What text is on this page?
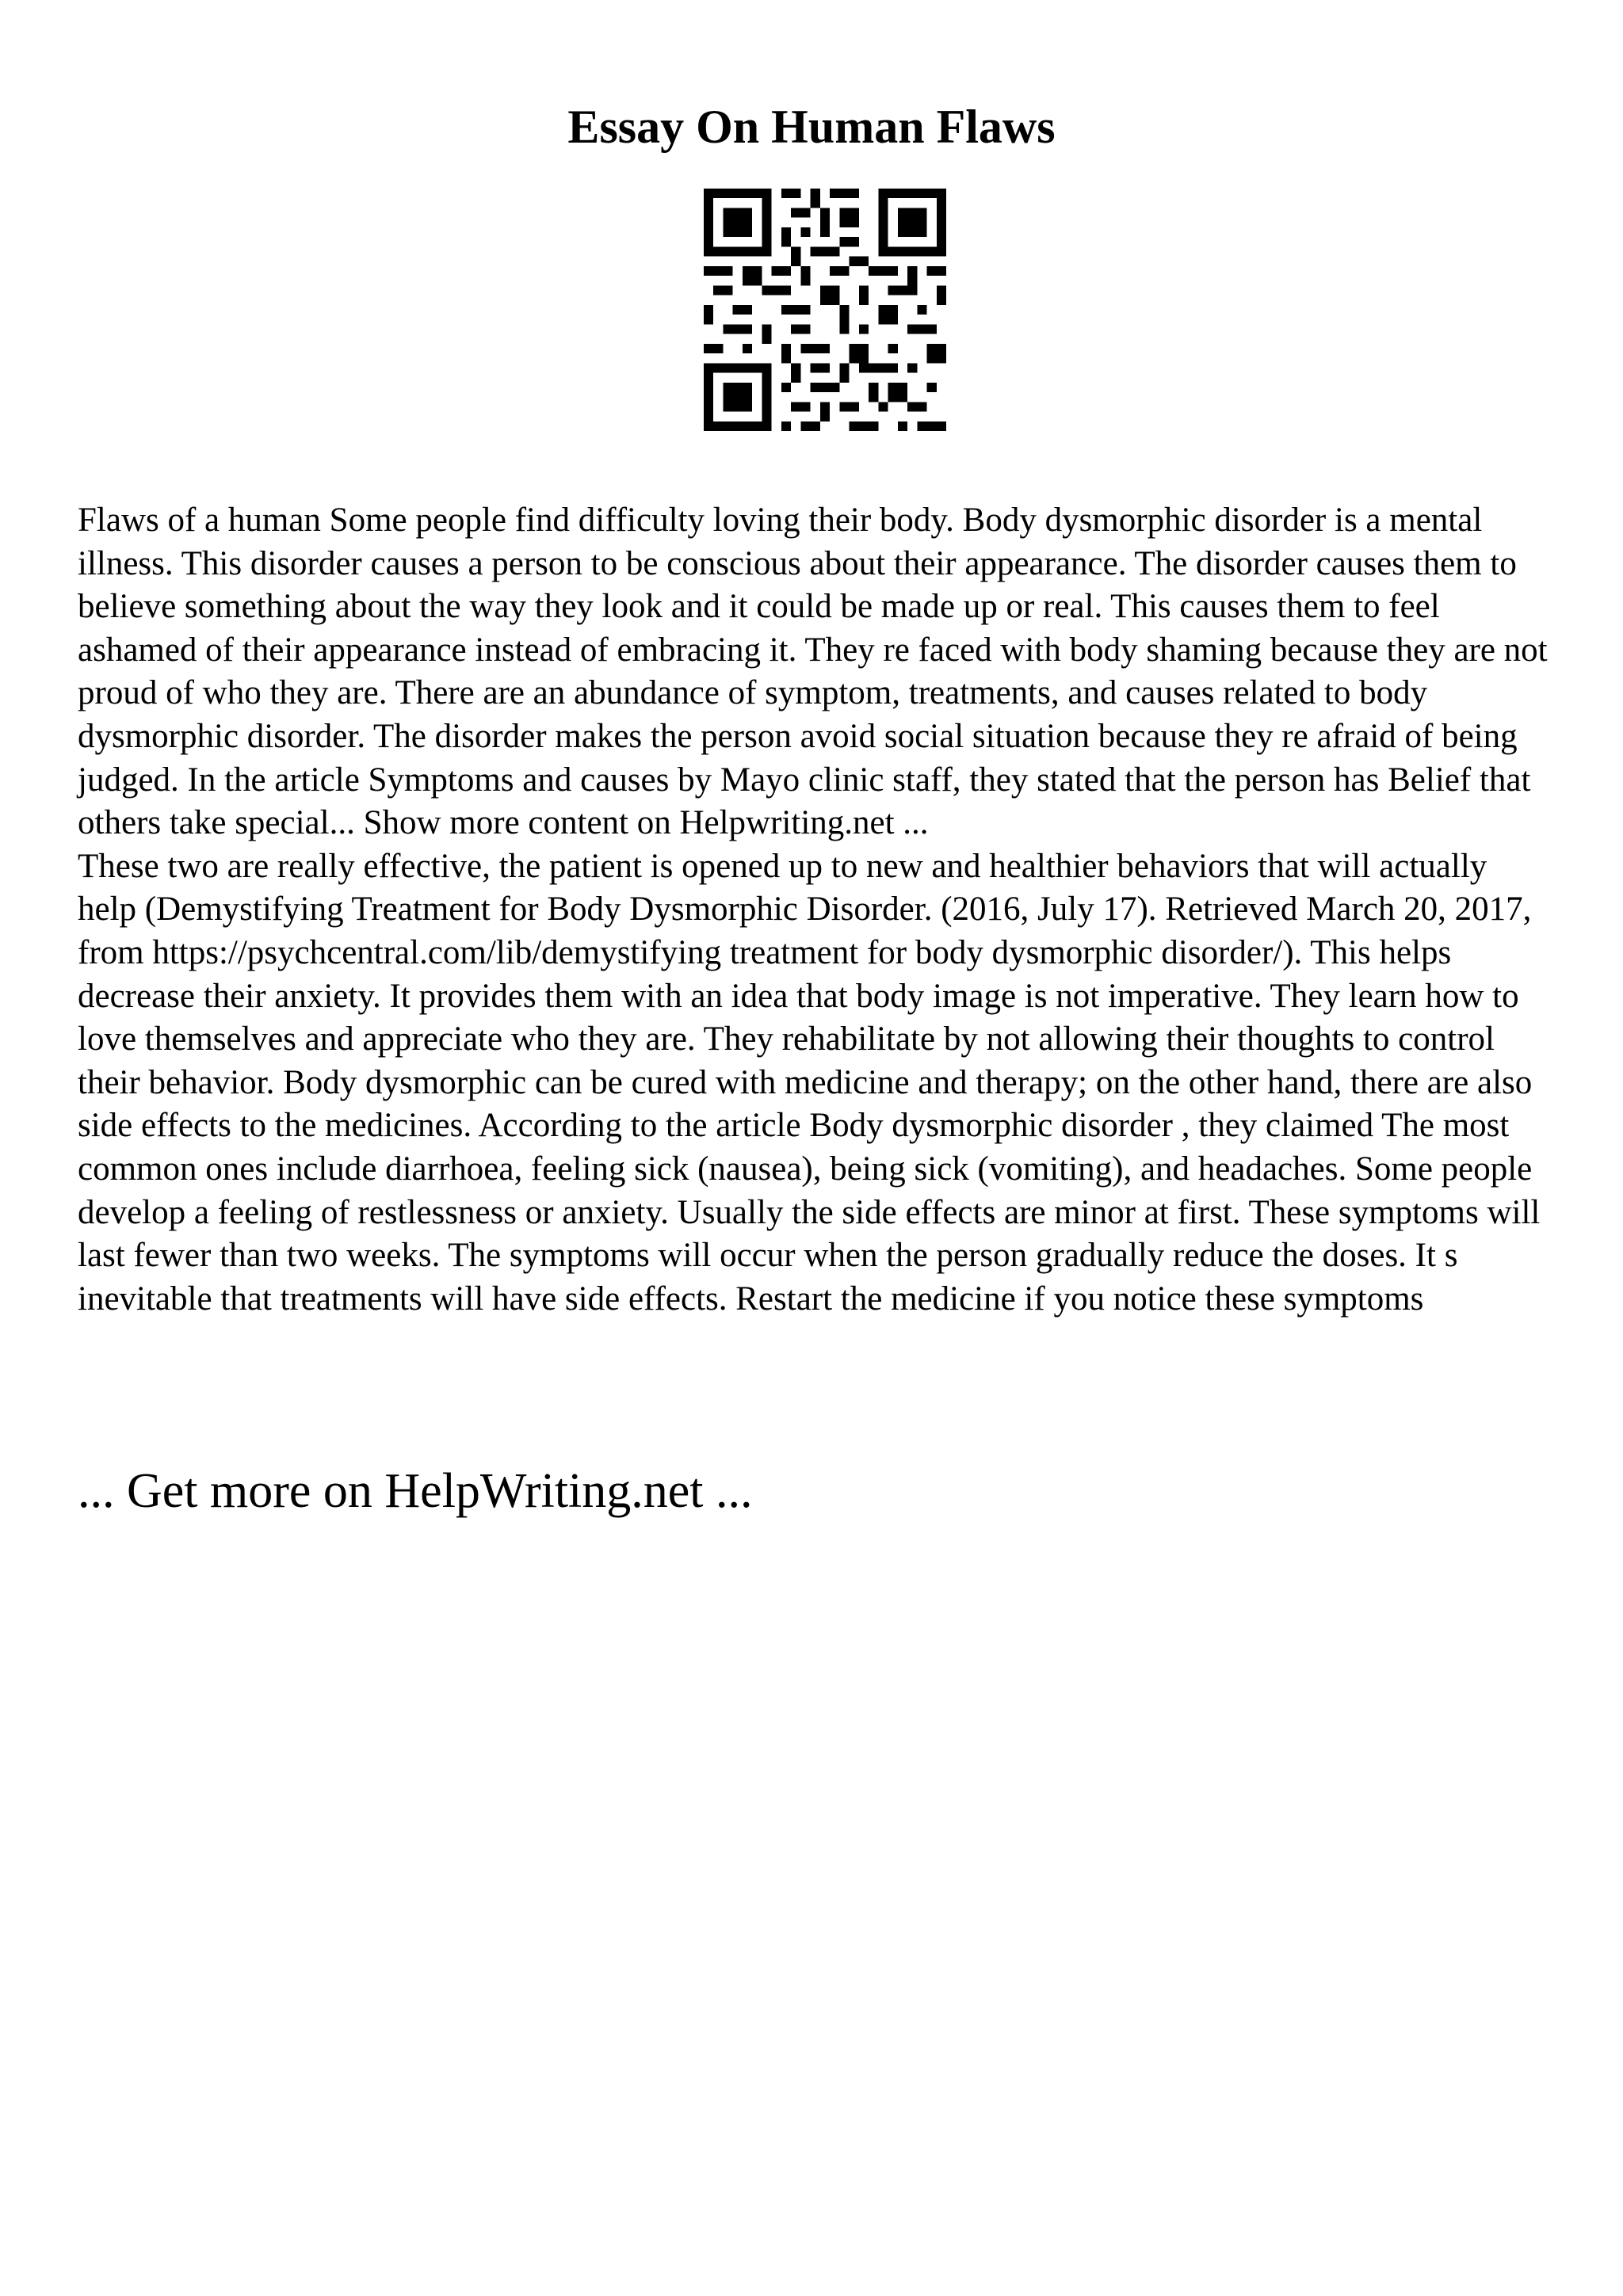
Essay On Human Flaws

Flaws of a human Some people find difficulty loving their body. Body dysmorphic disorder is a mental illness. This disorder causes a person to be conscious about their appearance. The disorder causes them to believe something about the way they look and it could be made up or real. This causes them to feel ashamed of their appearance instead of embracing it. They re faced with body shaming because they are not proud of who they are. There are an abundance of symptom, treatments, and causes related to body dysmorphic disorder. The disorder makes the person avoid social situation because they re afraid of being judged. In the article Symptoms and causes by Mayo clinic staff, they stated that the person has Belief that others take special... Show more content on Helpwriting.net ...

These two are really effective, the patient is opened up to new and healthier behaviors that will actually help (Demystifying Treatment for Body Dysmorphic Disorder. (2016, July 17). Retrieved March 20, 2017, from https://psychcentral.com/lib/demystifying treatment for body dysmorphic disorder/). This helps decrease their anxiety. It provides them with an idea that body image is not imperative. They learn how to love themselves and appreciate who they are. They rehabilitate by not allowing their thoughts to control their behavior. Body dysmorphic can be cured with medicine and therapy; on the other hand, there are also side effects to the medicines. According to the article Body dysmorphic disorder , they claimed The most common ones include diarrhoea, feeling sick (nausea), being sick (vomiting), and headaches. Some people develop a feeling of restlessness or anxiety. Usually the side effects are minor at first. These symptoms will last fewer than two weeks. The symptoms will occur when the person gradually reduce the doses. It s inevitable that treatments will have side effects. Restart the medicine if you notice these symptoms

... Get more on HelpWriting.net ...
